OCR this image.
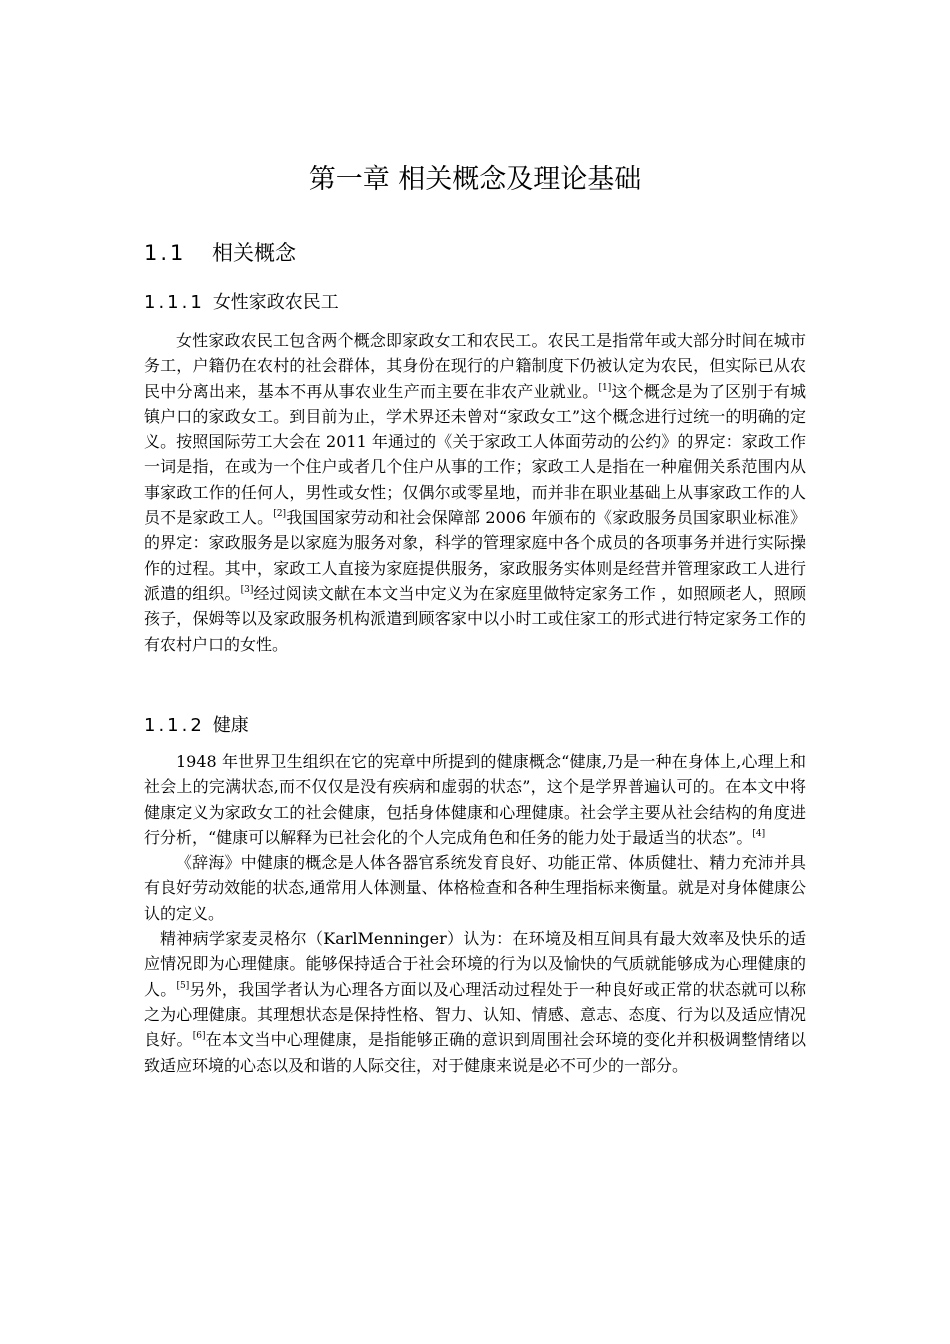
第一章 相关概念及理论基础
1.1 相关概念
1.1.1 女性家政农民工

女性家政农民工包含两个概念即家政女工和农民工。农民工是指常年或大部分时间在城市务工，户籍仍在农村的社会群体，其身份在现行的户籍制度下仍被认定为农民，但实际已从农民中分离出来，基本不再从事农业生产而主要在非农产业就业。[1]这个概念是为了区别于有城镇户口的家政女工。到目前为止，学术界还未曾对“家政女工”这个概念进行过统一的明确的定义。按照国际劳工大会在 2011 年通过的《关于家政工人体面劳动的公约》的界定：家政工作一词是指，在或为一个住户或者几个住户从事的工作；家政工人是指在一种雇佣关系范围内从事家政工作的任何人，男性或女性；仅偶尔或零星地，而并非在职业基础上从事家政工作的人员不是家政工人。[2]我国国家劳动和社会保障部 2006 年颁布的《家政服务员国家职业标准》的界定：家政服务是以家庭为服务对象，科学的管理家庭中各个成员的各项事务并进行实际操作的过程。其中，家政工人直接为家庭提供服务，家政服务实体则是经营并管理家政工人进行派遣的组织。[3]经过阅读文献在本文当中定义为在家庭里做特定家务工作 ，如照顾老人，照顾孩子，保姆等以及家政服务机构派遣到顾客家中以小时工或住家工的形式进行特定家务工作的有农村户口的女性。

1.1.2 健康

1948 年世界卫生组织在它的宪章中所提到的健康概念“健康,乃是一种在身体上,心理上和社会上的完满状态,而不仅仅是没有疾病和虚弱的状态”，这个是学界普遍认可的。在本文中将健康定义为家政女工的社会健康，包括身体健康和心理健康。社会学主要从社会结构的角度进行分析，“健康可以解释为已社会化的个人完成角色和任务的能力处于最适当的状态”。[4]

《辞海》中健康的概念是人体各器官系统发育良好、功能正常、体质健壮、精力充沛并具有良好劳动效能的状态,通常用人体测量、体格检查和各种生理指标来衡量。就是对身体健康公认的定义。

精神病学家麦灵格尔（KarlMenninger）认为：在环境及相互间具有最大效率及快乐的适应情况即为心理健康。能够保持适合于社会环境的行为以及愉快的气质就能够成为心理健康的人。[5]另外，我国学者认为心理各方面以及心理活动过程处于一种良好或正常的状态就可以称之为心理健康。其理想状态是保持性格、智力、认知、情感、意志、态度、行为以及适应情况良好。[6]在本文当中心理健康，是指能够正确的意识到周围社会环境的变化并积极调整情绪以致适应环境的心态以及和谐的人际交往，对于健康来说是必不可少的一部分。
